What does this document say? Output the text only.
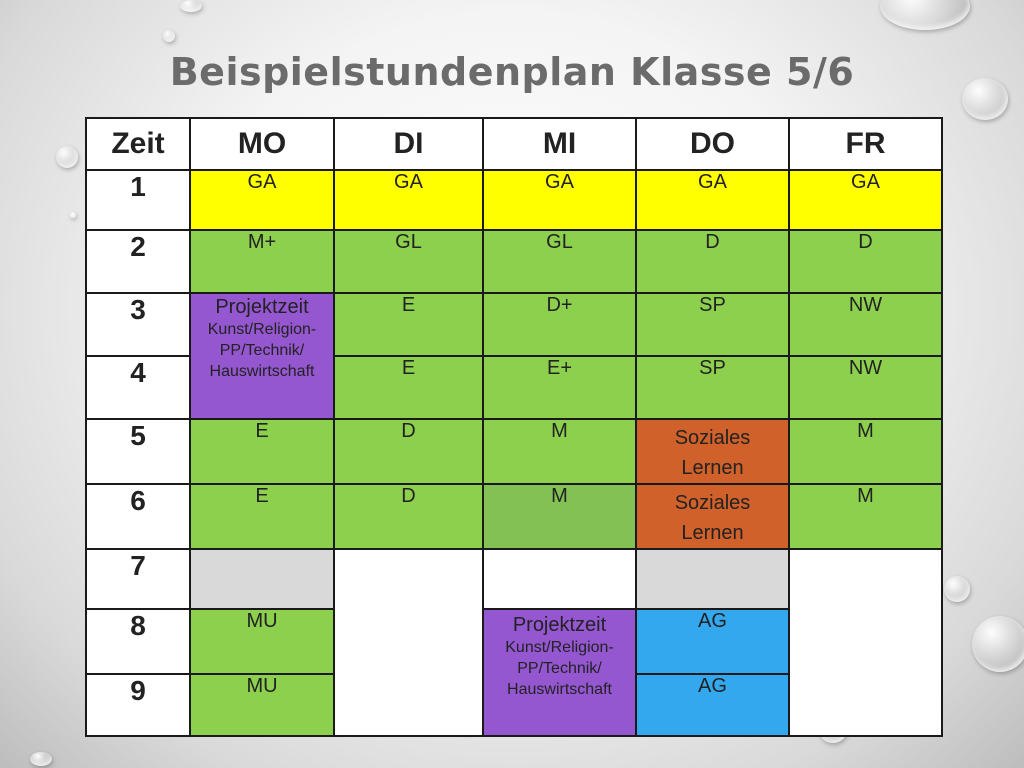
Beispielstundenplan Klasse 5/6
Zeit	MO	DI	MI	DO	FR
1	GA	GA	GA	GA	GA
2	M+	GL	GL	D	D
3	Projektzeit
Kunst/Religion-
PP/Technik/
Hauswirtschaft	E	D+	SP	NW
4		E	E+	SP	NW
5	E	D	M	Soziales Lernen	M
6	E	D	M	Soziales Lernen	M
7					
8	MU		Projektzeit
Kunst/Religion-
PP/Technik/
Hauswirtschaft	AG	
9	MU			AG	
